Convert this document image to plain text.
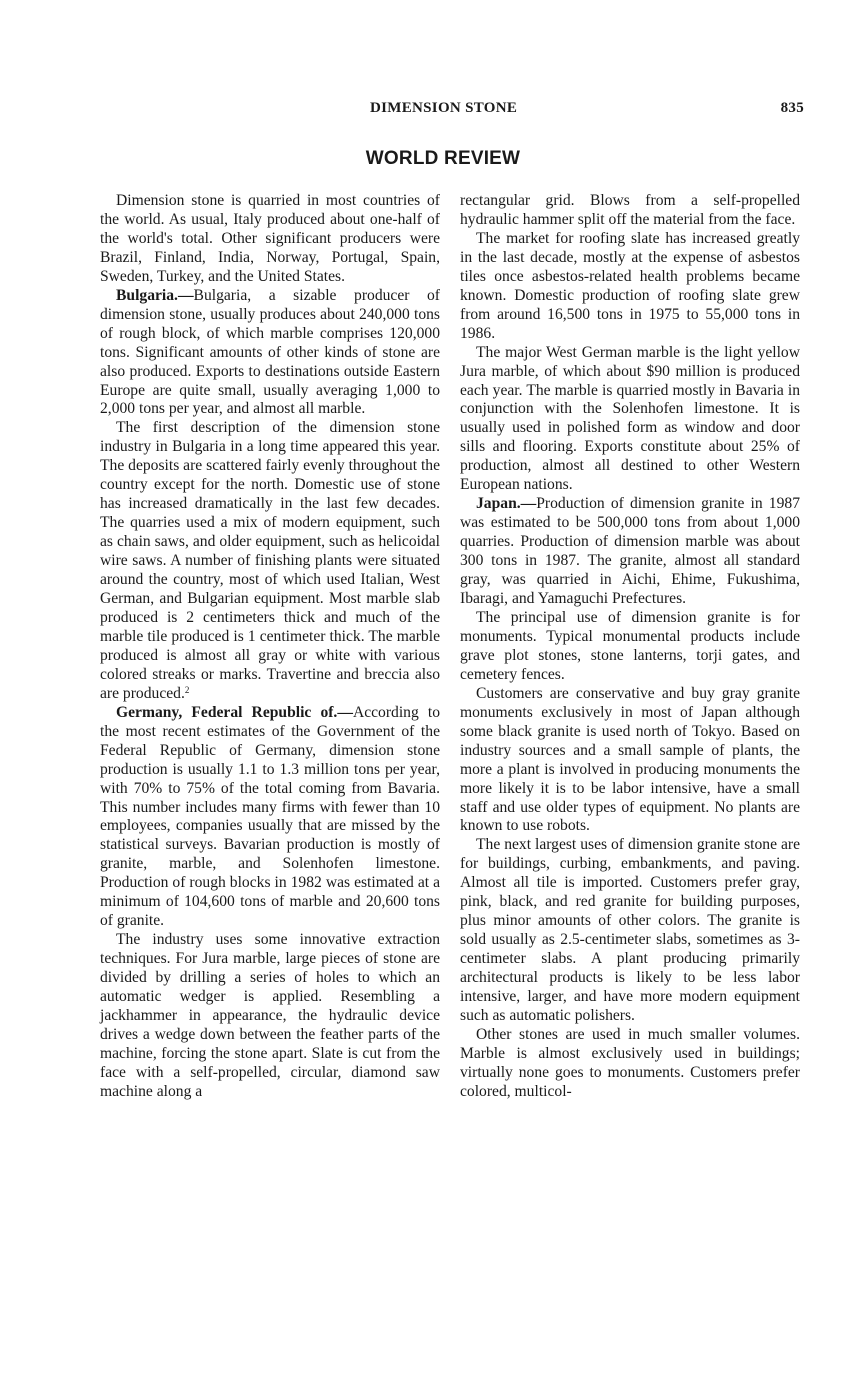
DIMENSION STONE	835
WORLD REVIEW

Dimension stone is quarried in most countries of the world. As usual, Italy produced about one-half of the world's total. Other significant producers were Brazil, Finland, India, Norway, Portugal, Spain, Sweden, Turkey, and the United States.

Bulgaria.—Bulgaria, a sizable producer of dimension stone, usually produces about 240,000 tons of rough block, of which marble comprises 120,000 tons. Significant amounts of other kinds of stone are also produced. Exports to destinations outside Eastern Europe are quite small, usually averaging 1,000 to 2,000 tons per year, and almost all marble.

The first description of the dimension stone industry in Bulgaria in a long time appeared this year. The deposits are scattered fairly evenly throughout the country except for the north. Domestic use of stone has increased dramatically in the last few decades. The quarries used a mix of modern equipment, such as chain saws, and older equipment, such as helicoidal wire saws. A number of finishing plants were situated around the country, most of which used Italian, West German, and Bulgarian equipment. Most marble slab produced is 2 centimeters thick and much of the marble tile produced is 1 centimeter thick. The marble produced is almost all gray or white with various colored streaks or marks. Travertine and breccia also are produced.$^2$

Germany, Federal Republic of.—According to the most recent estimates of the Government of the Federal Republic of Germany, dimension stone production is usually 1.1 to 1.3 million tons per year, with 70% to 75% of the total coming from Bavaria. This number includes many firms with fewer than 10 employees, companies usually that are missed by the statistical surveys. Bavarian production is mostly of granite, marble, and Solenhofen limestone. Production of rough blocks in 1982 was estimated at a minimum of 104,600 tons of marble and 20,600 tons of granite.

The industry uses some innovative extraction techniques. For Jura marble, large pieces of stone are divided by drilling a series of holes to which an automatic wedger is applied. Resembling a jackhammer in appearance, the hydraulic device drives a wedge down between the feather parts of the machine, forcing the stone apart. Slate is cut from the face with a self-propelled, circular, diamond saw machine along a

rectangular grid. Blows from a self-propelled hydraulic hammer split off the material from the face.

The market for roofing slate has increased greatly in the last decade, mostly at the expense of asbestos tiles once asbestos-related health problems became known. Domestic production of roofing slate grew from around 16,500 tons in 1975 to 55,000 tons in 1986.

The major West German marble is the light yellow Jura marble, of which about $90 million is produced each year. The marble is quarried mostly in Bavaria in conjunction with the Solenhofen limestone. It is usually used in polished form as window and door sills and flooring. Exports constitute about 25% of production, almost all destined to other Western European nations.

Japan.—Production of dimension granite in 1987 was estimated to be 500,000 tons from about 1,000 quarries. Production of dimension marble was about 300 tons in 1987. The granite, almost all standard gray, was quarried in Aichi, Ehime, Fukushima, Ibaragi, and Yamaguchi Prefectures.

The principal use of dimension granite is for monuments. Typical monumental products include grave plot stones, stone lanterns, torji gates, and cemetery fences.

Customers are conservative and buy gray granite monuments exclusively in most of Japan although some black granite is used north of Tokyo. Based on industry sources and a small sample of plants, the more a plant is involved in producing monuments the more likely it is to be labor intensive, have a small staff and use older types of equipment. No plants are known to use robots.

The next largest uses of dimension granite stone are for buildings, curbing, embankments, and paving. Almost all tile is imported. Customers prefer gray, pink, black, and red granite for building purposes, plus minor amounts of other colors. The granite is sold usually as 2.5-centimeter slabs, sometimes as 3-centimeter slabs. A plant producing primarily architectural products is likely to be less labor intensive, larger, and have more modern equipment such as automatic polishers.

Other stones are used in much smaller volumes. Marble is almost exclusively used in buildings; virtually none goes to monuments. Customers prefer colored, multicol-
